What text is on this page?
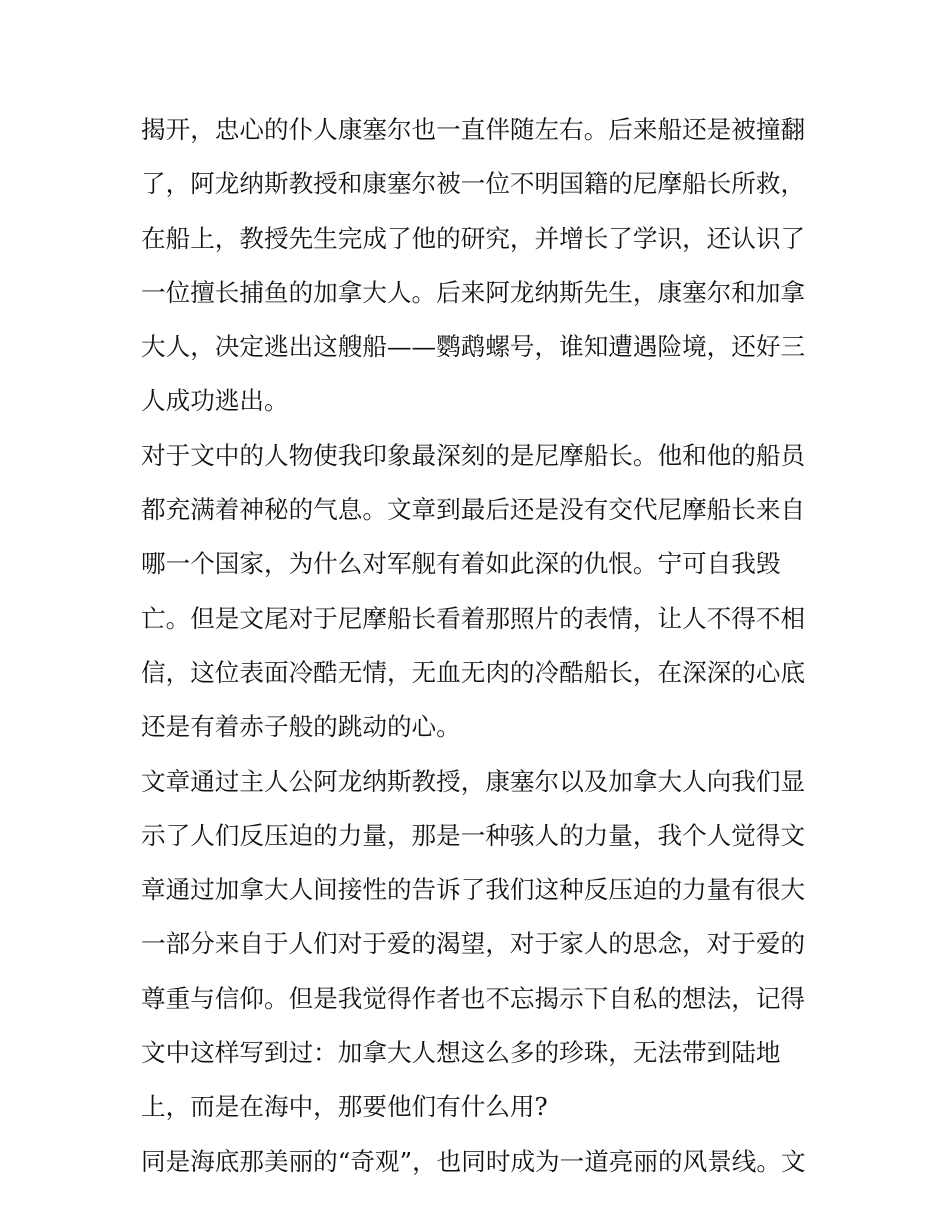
揭开，忠心的仆人康塞尔也一直伴随左右。后来船还是被撞翻
了，阿龙纳斯教授和康塞尔被一位不明国籍的尼摩船长所救，
在船上，教授先生完成了他的研究，并增长了学识，还认识了
一位擅长捕鱼的加拿大人。后来阿龙纳斯先生，康塞尔和加拿
大人，决定逃出这艘船——鹦鹉螺号，谁知遭遇险境，还好三
人成功逃出。
对于文中的人物使我印象最深刻的是尼摩船长。他和他的船员
都充满着神秘的气息。文章到最后还是没有交代尼摩船长来自
哪一个国家，为什么对军舰有着如此深的仇恨。宁可自我毁
亡。但是文尾对于尼摩船长看着那照片的表情，让人不得不相
信，这位表面冷酷无情，无血无肉的冷酷船长，在深深的心底
还是有着赤子般的跳动的心。
文章通过主人公阿龙纳斯教授，康塞尔以及加拿大人向我们显
示了人们反压迫的力量，那是一种骇人的力量，我个人觉得文
章通过加拿大人间接性的告诉了我们这种反压迫的力量有很大
一部分来自于人们对于爱的渴望，对于家人的思念，对于爱的
尊重与信仰。但是我觉得作者也不忘揭示下自私的想法，记得
文中这样写到过：加拿大人想这么多的珍珠，无法带到陆地
上，而是在海中，那要他们有什么用?
同是海底那美丽的“奇观”，也同时成为一道亮丽的风景线。文
